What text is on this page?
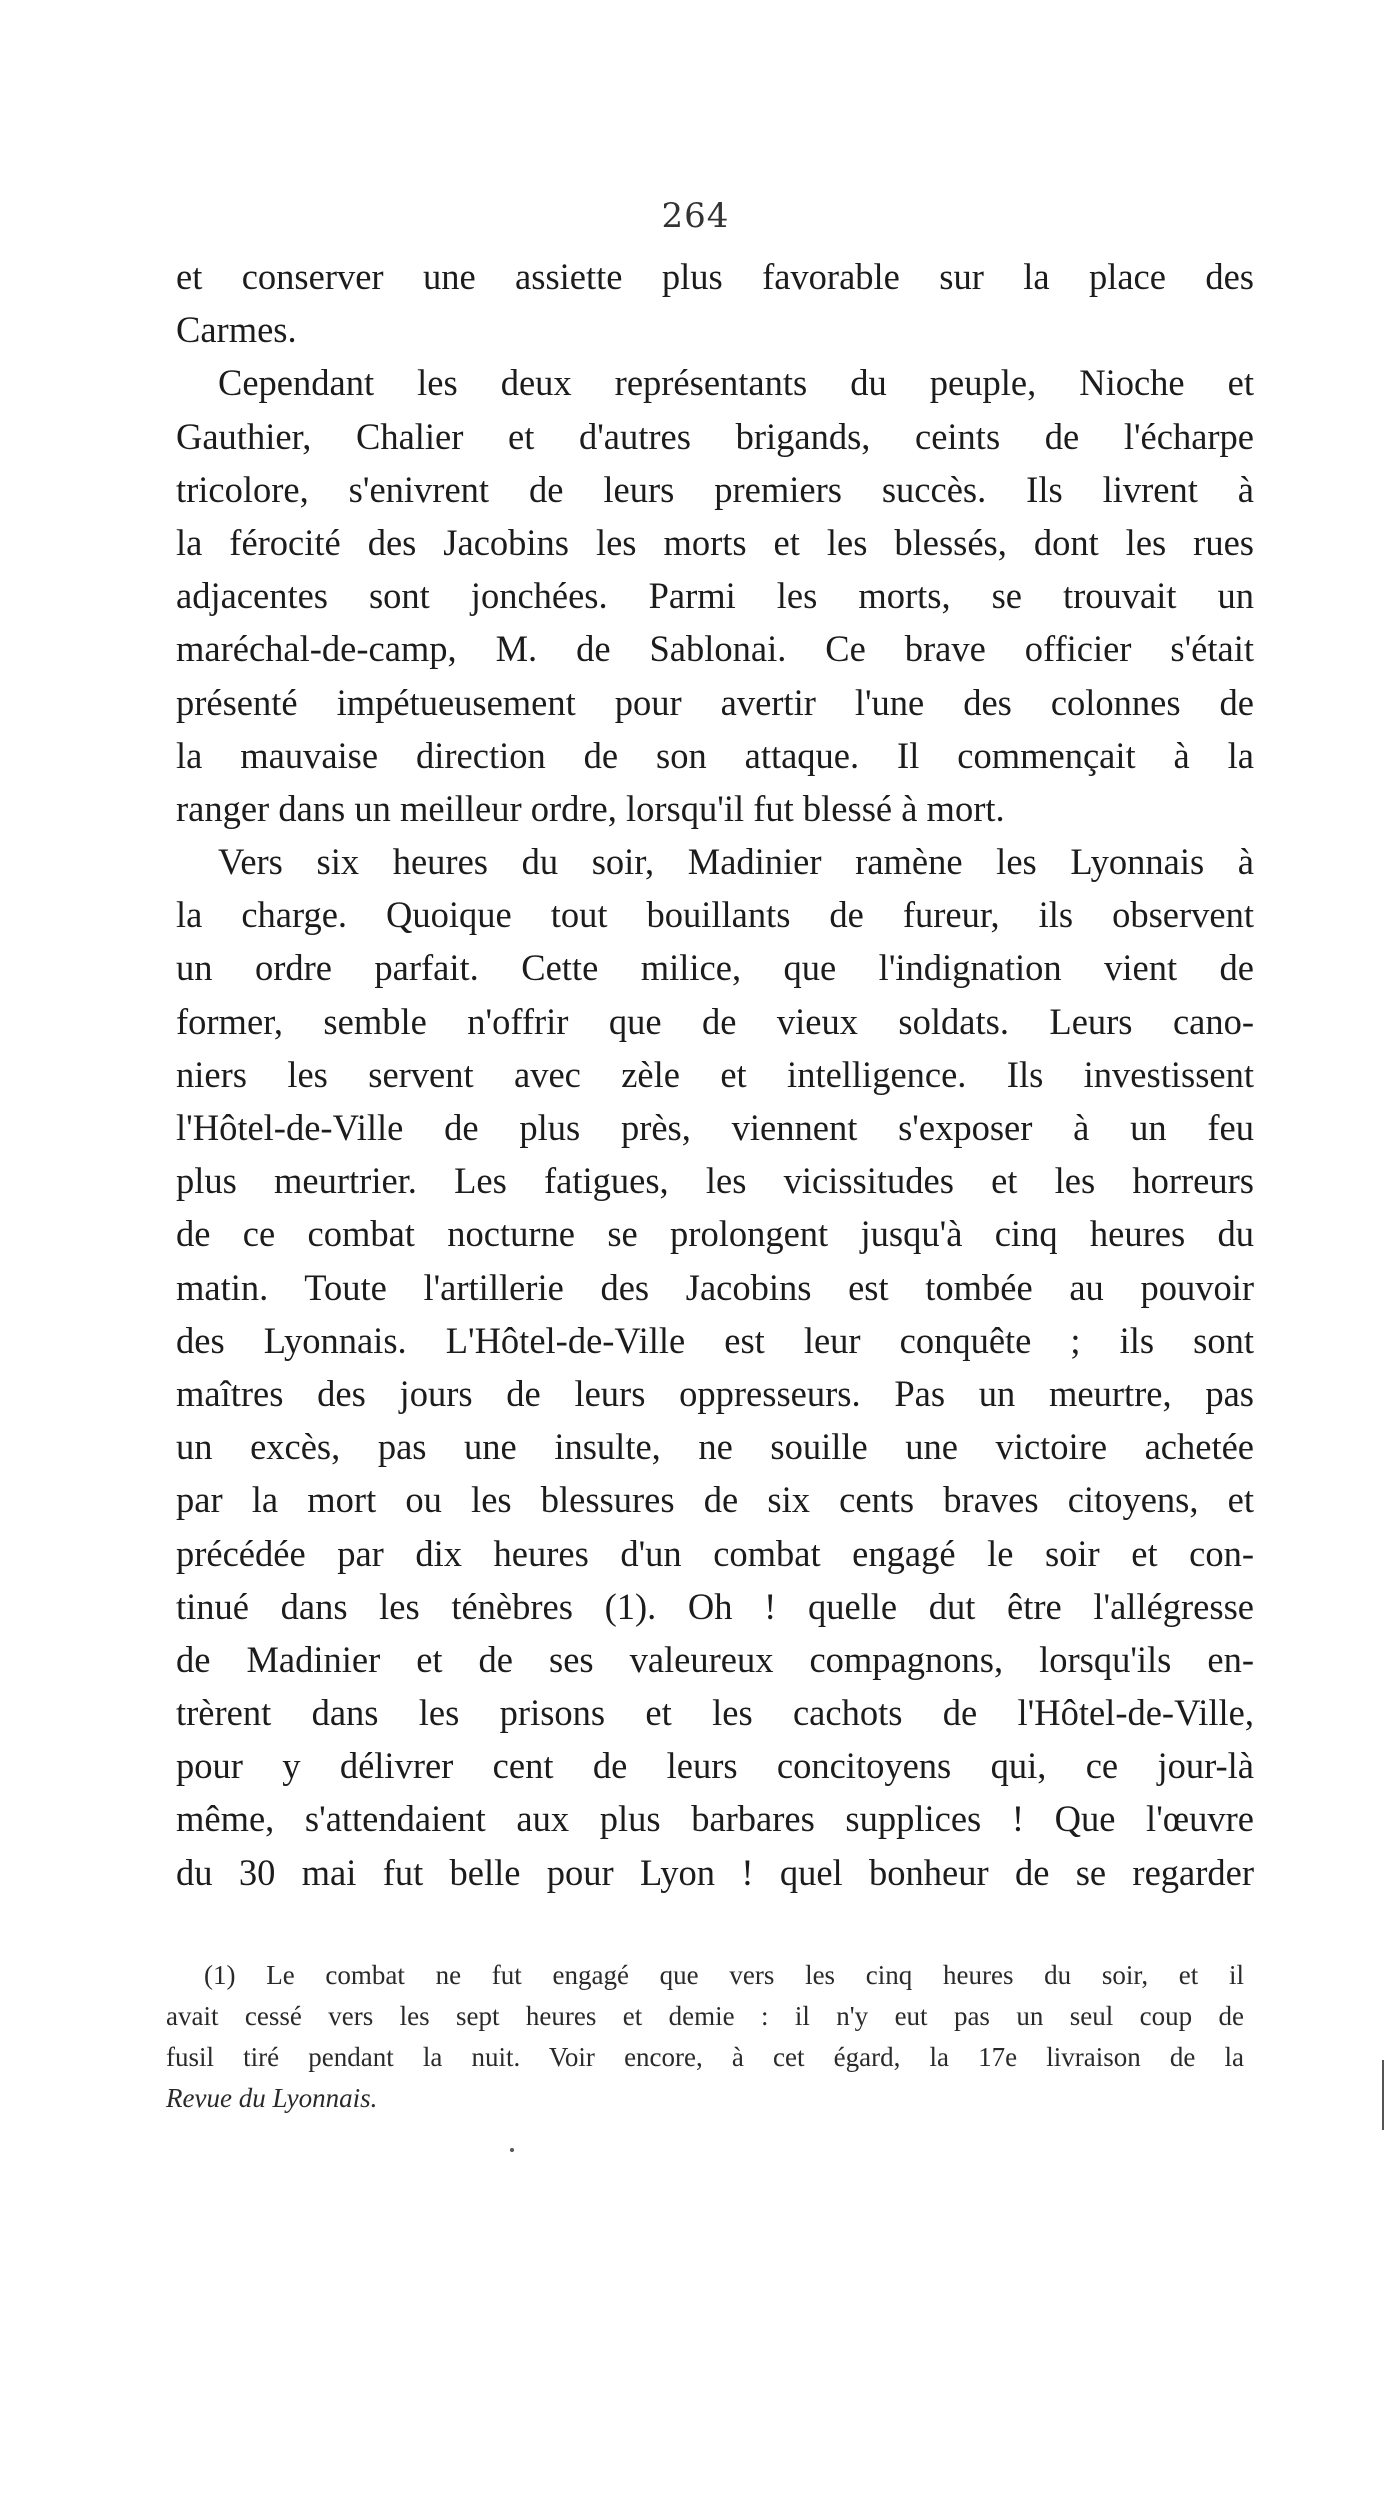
264
et conserver une assiette plus favorable sur la place des
Carmes.
Cependant les deux représentants du peuple, Nioche et
Gauthier, Chalier et d'autres brigands, ceints de l'écharpe
tricolore, s'enivrent de leurs premiers succès. Ils livrent à
la férocité des Jacobins les morts et les blessés, dont les rues
adjacentes sont jonchées. Parmi les morts, se trouvait un
maréchal-de-camp, M. de Sablonai. Ce brave officier s'était
présenté impétueusement pour avertir l'une des colonnes de
la mauvaise direction de son attaque. Il commençait à la
ranger dans un meilleur ordre, lorsqu'il fut blessé à mort.
Vers six heures du soir, Madinier ramène les Lyonnais à
la charge. Quoique tout bouillants de fureur, ils observent
un ordre parfait. Cette milice, que l'indignation vient de
former, semble n'offrir que de vieux soldats. Leurs cano-
niers les servent avec zèle et intelligence. Ils investissent
l'Hôtel-de-Ville de plus près, viennent s'exposer à un feu
plus meurtrier. Les fatigues, les vicissitudes et les horreurs
de ce combat nocturne se prolongent jusqu'à cinq heures du
matin. Toute l'artillerie des Jacobins est tombée au pouvoir
des Lyonnais. L'Hôtel-de-Ville est leur conquête ; ils sont
maîtres des jours de leurs oppresseurs. Pas un meurtre, pas
un excès, pas une insulte, ne souille une victoire achetée
par la mort ou les blessures de six cents braves citoyens, et
précédée par dix heures d'un combat engagé le soir et con-
tinué dans les ténèbres (1). Oh ! quelle dut être l'allégresse
de Madinier et de ses valeureux compagnons, lorsqu'ils en-
trèrent dans les prisons et les cachots de l'Hôtel-de-Ville,
pour y délivrer cent de leurs concitoyens qui, ce jour-là
même, s'attendaient aux plus barbares supplices ! Que l'œuvre
du 30 mai fut belle pour Lyon ! quel bonheur de se regarder
(1) Le combat ne fut engagé que vers les cinq heures du soir, et il
avait cessé vers les sept heures et demie : il n'y eut pas un seul coup de
fusil tiré pendant la nuit. Voir encore, à cet égard, la 17e livraison de la
Revue du Lyonnais.
